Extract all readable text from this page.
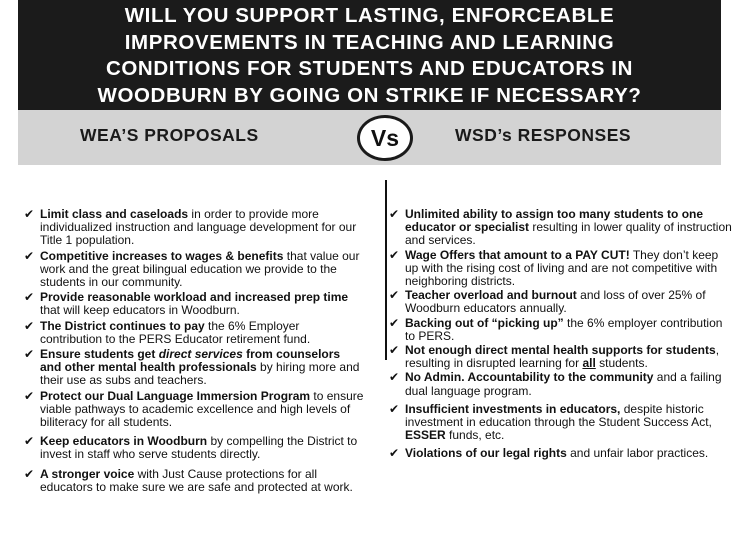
WILL YOU SUPPORT LASTING, ENFORCEABLE
IMPROVEMENTS IN TEACHING AND LEARNING
CONDITIONS FOR STUDENTS AND EDUCATORS IN
WOODBURN BY GOING ON STRIKE IF NECESSARY?
WEA’S PROPOSALS	WSD’s RESPONSES
Vs
✔ Limit class and caseloads in order to provide more individualized instruction and language development for our Title 1 population.
✔ Competitive increases to wages & benefits that value our work and the great bilingual education we provide to the students in our community.
✔ Provide reasonable workload and increased prep time that will keep educators in Woodburn.
✔ The District continues to pay the 6% Employer contribution to the PERS Educator retirement fund.
✔ Ensure students get direct services from counselors and other mental health professionals by hiring more and their use as subs and teachers.
✔ Protect our Dual Language Immersion Program to ensure viable pathways to academic excellence and high levels of biliteracy for all students.
✔ Keep educators in Woodburn by compelling the District to invest in staff who serve students directly.
✔ A stronger voice with Just Cause protections for all educators to make sure we are safe and protected at work.
✔ Unlimited ability to assign too many students to one educator or specialist resulting in lower quality of instruction and services.
✔ Wage Offers that amount to a PAY CUT! They don’t keep up with the rising cost of living and are not competitive with neighboring districts.
✔ Teacher overload and burnout and loss of over 25% of Woodburn educators annually.
✔ Backing out of “picking up” the 6% employer contribution to PERS.
✔ Not enough direct mental health supports for students, resulting in disrupted learning for all students.
✔ No Admin. Accountability to the community and a failing dual language program.
✔ Insufficient investments in educators, despite historic investment in education through the Student Success Act, ESSER funds, etc.
✔ Violations of our legal rights and unfair labor practices.
